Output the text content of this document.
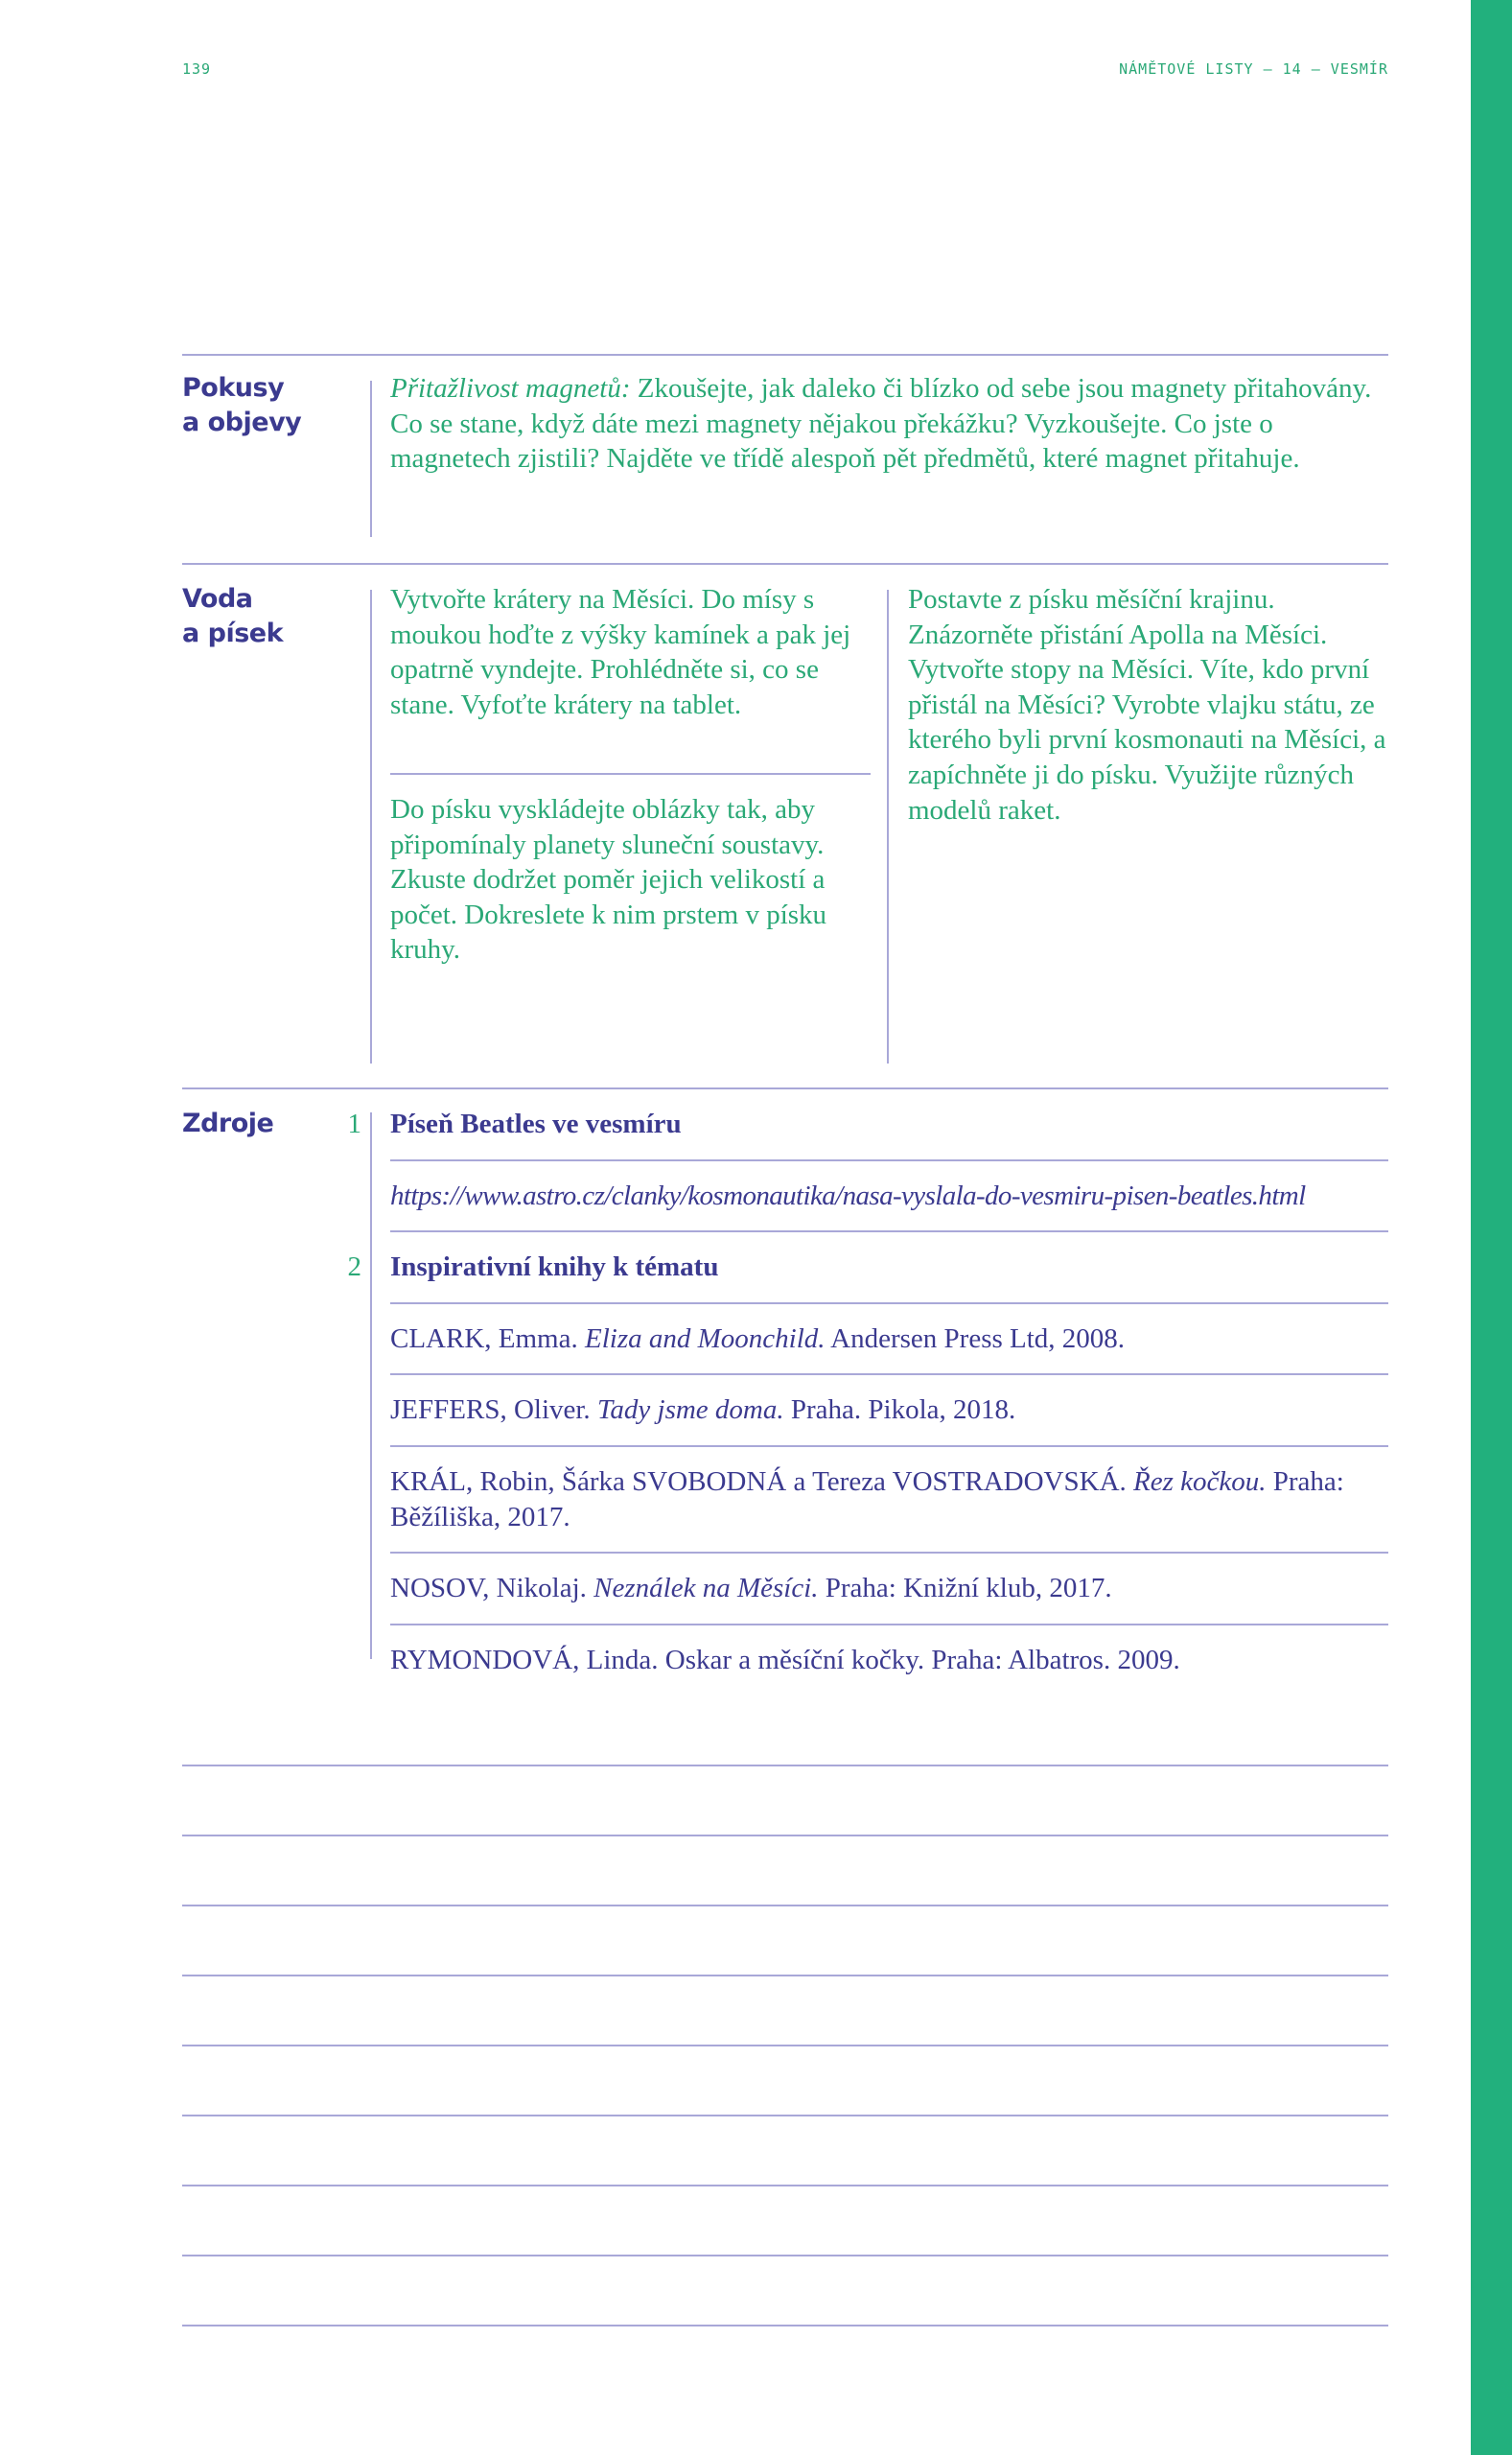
139	NÁMĚTOVÉ LISTY – 14 – VESMÍR
Pokusy
a objevy
Přitažlivost magnetů: Zkoušejte, jak daleko či blízko od sebe jsou magnety přitahovány. Co se stane, když dáte mezi magnety nějakou překážku? Vyzkoušejte. Co jste o magnetech zjistili? Najděte ve třídě alespoň pět předmětů, které magnet přitahuje.
Voda
a písek
Vytvořte krátery na Měsíci. Do mísy s moukou hoďte z výšky kamínek a pak jej opatrně vyndejte. Prohlédněte si, co se stane. Vyfoťte krátery na tablet.
Do písku vyskládejte oblázky tak, aby připomínaly planety sluneční soustavy. Zkuste dodržet poměr jejich velikostí a počet. Dokreslete k nim prstem v písku kruhy.
Postavte z písku měsíční krajinu. Znázorněte přistání Apolla na Měsíci. Vytvořte stopy na Měsíci. Víte, kdo první přistál na Měsíci? Vyrobte vlajku státu, ze kterého byli první kosmonauti na Měsíci, a zapíchněte ji do písku. Využijte různých modelů raket.
Zdroje	1 Píseň Beatles ve vesmíru
https://www.astro.cz/clanky/kosmonautika/nasa-vyslala-do-vesmiru-pisen-beatles.html
2 Inspirativní knihy k tématu
CLARK, Emma. Eliza and Moonchild. Andersen Press Ltd, 2008.
JEFFERS, Oliver. Tady jsme doma. Praha. Pikola, 2018.
KRÁL, Robin, Šárka SVOBODNÁ a Tereza VOSTRADOVSKÁ. Řez kočkou. Praha: Běžíliška, 2017.
NOSOV, Nikolaj. Neználek na Měsíci. Praha: Knižní klub, 2017.
RYMONDOVÁ, Linda. Oskar a měsíční kočky. Praha: Albatros. 2009.
